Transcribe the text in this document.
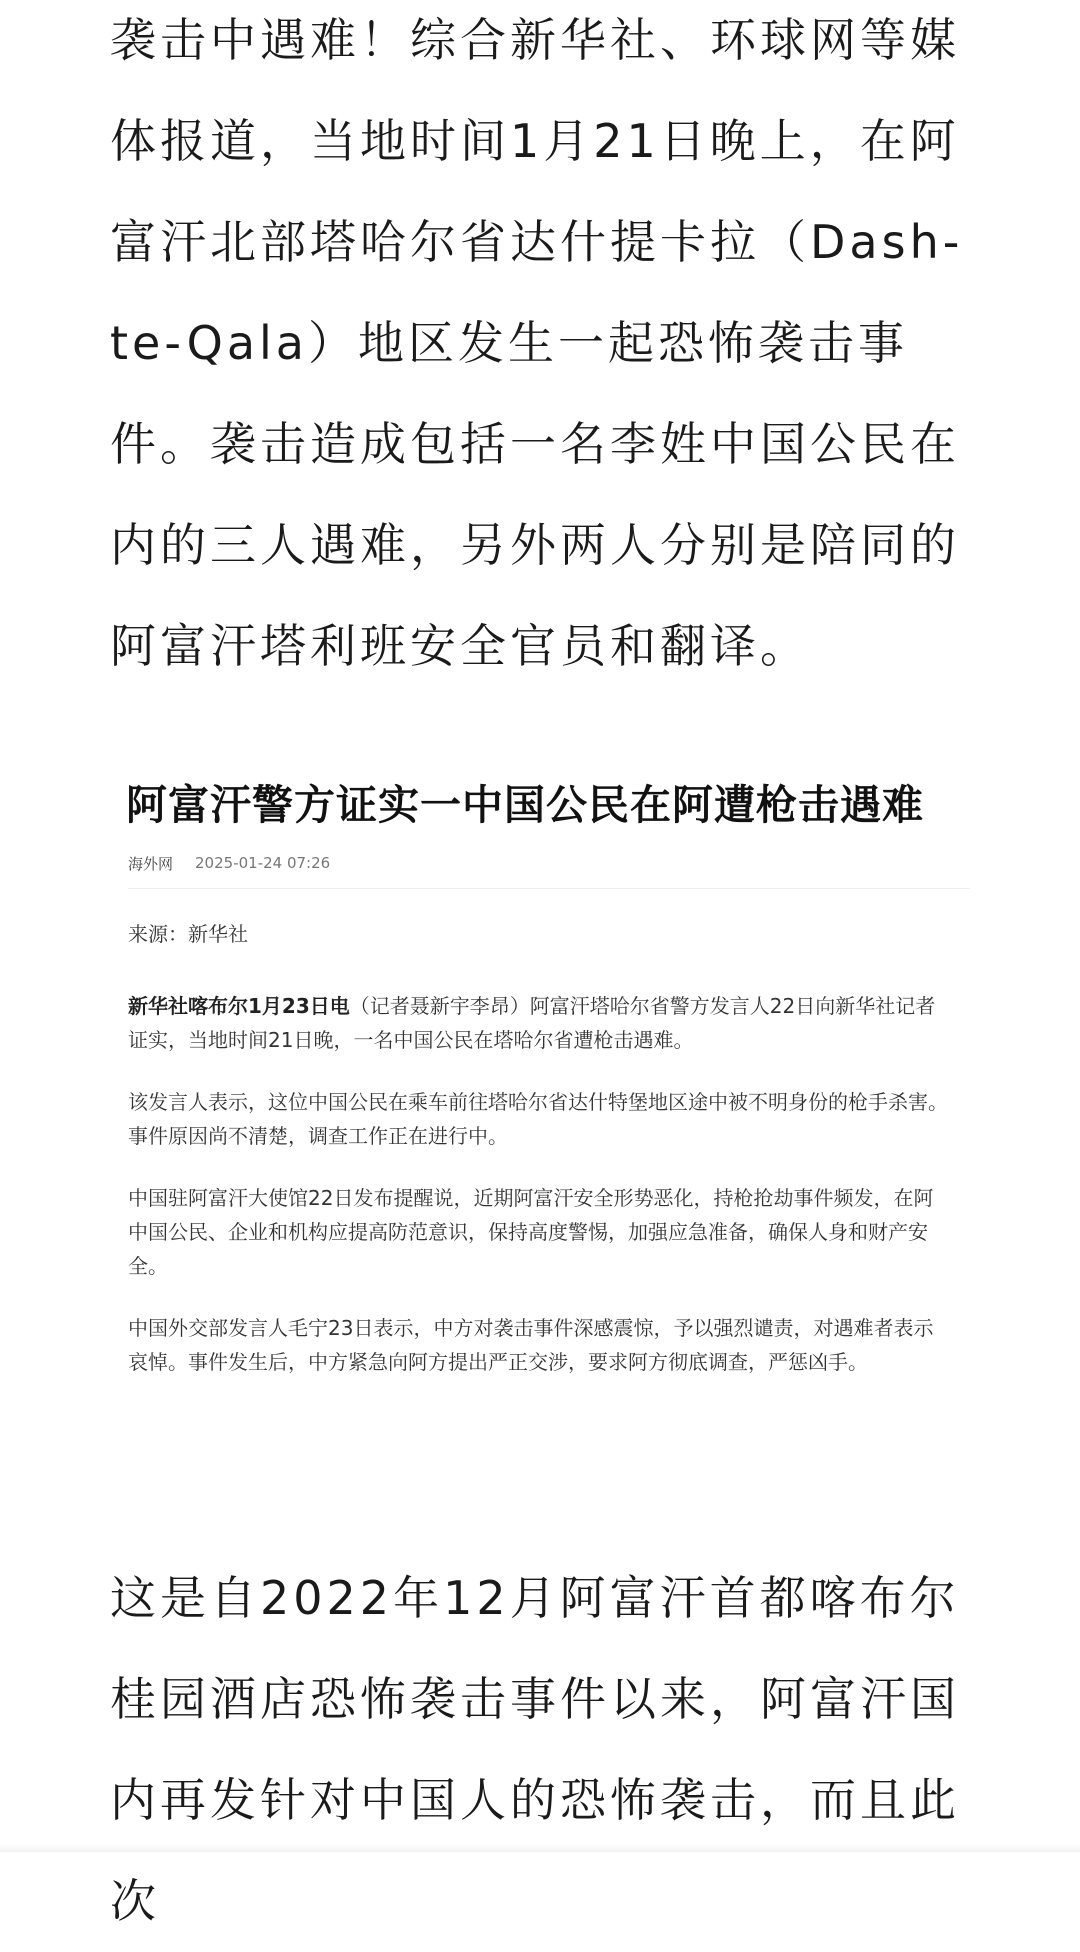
袭击中遇难！综合新华社、环球网等媒体报道，当地时间1月21日晚上，在阿富汗北部塔哈尔省达什提卡拉（Dash-te-Qala）地区发生一起恐怖袭击事件。袭击造成包括一名李姓中国公民在内的三人遇难，另外两人分别是陪同的阿富汗塔利班安全官员和翻译。

阿富汗警方证实一中国公民在阿遭枪击遇难
海外网 2025-01-24 07:26

来源：新华社

新华社喀布尔1月23日电（记者聂新宇李昂）阿富汗塔哈尔省警方发言人22日向新华社记者证实，当地时间21日晚，一名中国公民在塔哈尔省遭枪击遇难。

该发言人表示，这位中国公民在乘车前往塔哈尔省达什特堡地区途中被不明身份的枪手杀害。事件原因尚不清楚，调查工作正在进行中。

中国驻阿富汗大使馆22日发布提醒说，近期阿富汗安全形势恶化，持枪抢劫事件频发，在阿中国公民、企业和机构应提高防范意识，保持高度警惕，加强应急准备，确保人身和财产安全。

中国外交部发言人毛宁23日表示，中方对袭击事件深感震惊，予以强烈谴责，对遇难者表示哀悼。事件发生后，中方紧急向阿方提出严正交涉，要求阿方彻底调查，严惩凶手。

这是自2022年12月阿富汗首都喀布尔桂园酒店恐怖袭击事件以来，阿富汗国内再发针对中国人的恐怖袭击，而且此次
